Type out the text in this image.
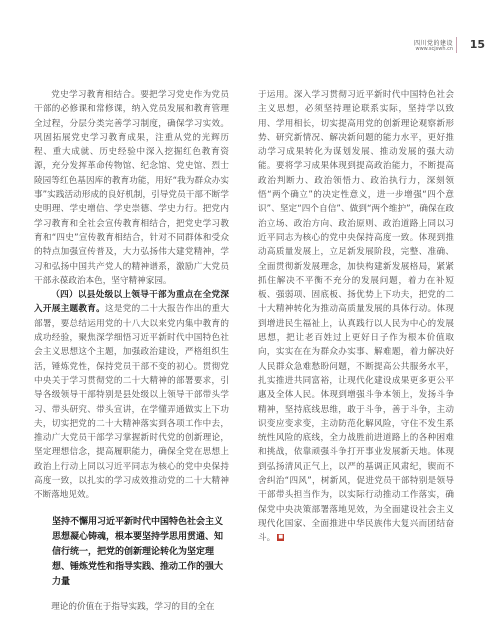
四川党的建设
www.scjswh.cn 15

党史学习教育相结合。要把学习党史作为党员干部的必修课和常修课，纳入党员发展和教育管理全过程，分层分类完善学习制度，确保学习实效。巩固拓展党史学习教育成果，注重从党的光辉历程、重大成就、历史经验中深入挖掘红色教育资源，充分发挥革命传物馆、纪念馆、党史馆、烈士陵园等红色基因库的教育功能，用好“我为群众办实事”实践活动形成的良好机制，引导党员干部不断学史明理、学史增信、学史崇德、学史力行。把党内学习教育和全社会宣传教育相结合，把党史学习教育和“四史”宣传教育相结合，针对不同群体和受众的特点加强宣传普及，大力弘扬伟大建党精神，学习和弘扬中国共产党人的精神谱系，激励广大党员干部永葆政治本色，坚守精神家园。

（四）以县处级以上领导干部为重点在全党深入开展主题教育。这是党的二十大报告作出的重大部署，要总结运用党的十八大以来党内集中教育的成功经验，聚焦深学细悟习近平新时代中国特色社会主义思想这个主题，加强政治建设，严格组织生活，锤炼党性，保持党员干部不变的初心。贯彻党中央关于学习贯彻党的二十大精神的部署要求，引导各级领导干部特别是县处级以上领导干部带头学习、带头研究、带头宣讲，在学懂弄通做实上下功夫，切实把党的二十大精神落实到各项工作中去，推动广大党员干部学习掌握新时代党的创新理论，坚定理想信念，提高履职能力，确保全党在思想上政治上行动上同以习近平同志为核心的党中央保持高度一致，以扎实的学习成效推动党的二十大精神不断落地见效。

坚持不懈用习近平新时代中国特色社会主义思想凝心铸魂，根本要坚持学思用贯通、知信行统一，把党的创新理论转化为坚定理想、锤炼党性和指导实践、推动工作的强大力量

理论的价值在于指导实践，学习的目的全在

于运用。深入学习贯彻习近平新时代中国特色社会主义思想，必须坚持理论联系实际，坚持学以致用、学用相长，切实提高用党的创新理论观察新形势、研究新情况、解决新问题的能力水平，更好推动学习成果转化为谋划发展、推动发展的强大动能。要将学习成果体现到提高政治能力，不断提高政治判断力、政治领悟力、政治执行力，深刻领悟“两个确立”的决定性意义，进一步增强“四个意识”、坚定“四个自信”、做到“两个维护”，确保在政治立场、政治方向、政治原则、政治道路上同以习近平同志为核心的党中央保持高度一致。体现到推动高质量发展上，立足新发展阶段，完整、准确、全面贯彻新发展理念，加快构建新发展格局，紧紧抓住解决不平衡不充分的发展问题，着力在补短板、强弱项、固底板、扬优势上下功夫，把党的二十大精神转化为推动高质量发展的具体行动。体现到增进民生福祉上，认真践行以人民为中心的发展思想，把让老百姓过上更好日子作为根本价值取向，实实在在为群众办实事、解难题，着力解决好人民群众急难愁盼问题，不断提高公共服务水平，扎实推进共同富裕，让现代化建设成果更多更公平惠及全体人民。体现到增强斗争本领上，发扬斗争精神，坚持底线思维，敢于斗争，善于斗争，主动识变应变求变，主动防范化解风险，守住不发生系统性风险的底线，全力战胜前进道路上的各种困难和挑战，依靠顽强斗争打开事业发展新天地。体现到弘扬清风正气上，以严的基调正风肃纪，锲而不舍纠治“四风”，树新风，促进党员干部特别是领导干部带头担当作为，以实际行动推动工作落实，确保党中央决策部署落地见效，为全面建设社会主义现代化国家、全面推进中华民族伟大复兴而团结奋斗。 ■
